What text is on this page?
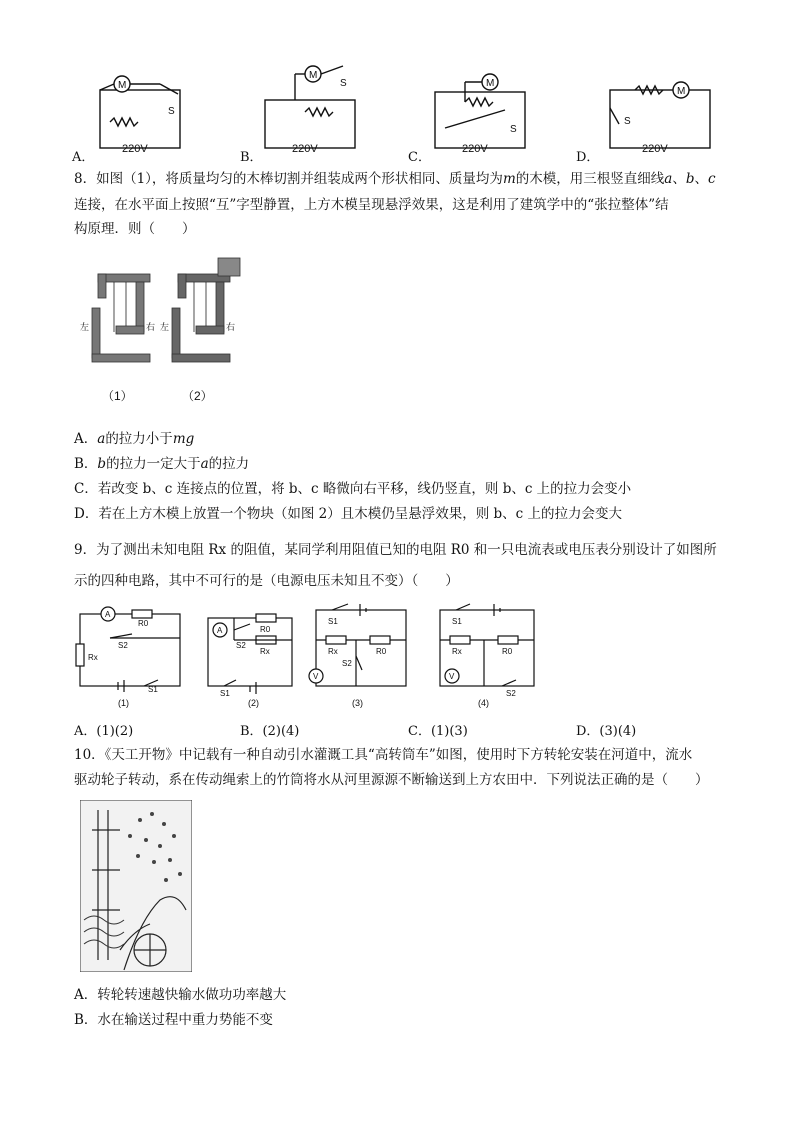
M
S
220V
M
S
220V
M
S
220V
M
S
220V
A．	B．	C．	D．
8．如图（1），将质量均匀的木棒切割并组装成两个形状相同、质量均为m的木模，用三根竖直细线a、b、c
连接，在水平面上按照“互”字型静置，上方木模呈现悬浮效果，这是利用了建筑学中的“张拉整体”结
构原理．则（　　）
左	右 左	右
（1）	（2）
A．a的拉力小于mg
B．b的拉力一定大于a的拉力
C．若改变 b、c 连接点的位置，将 b、c 略微向右平移，线仍竖直，则 b、c 上的拉力会变小
D．若在上方木模上放置一个物块（如图 2）且木模仍呈悬浮效果，则 b、c 上的拉力会变大
9．为了测出未知电阻 Rx 的阻值，某同学利用阻值已知的电阻 R0 和一只电流表或电压表分别设计了如图所
示的四种电路，其中不可行的是（电源电压未知且不变）（　　）
A
R0
Rx
S2
S1
A	R0
Rx
S2
S1
S1
Rx	R0
S2
V
S1
Rx	R0
S2
V
(1)	(2)	(3)	(4)
A．(1)(2)	B．(2)(4)	C．(1)(3)	D．(3)(4)
10．《天工开物》中记载有一种自动引水灌溉工具“高转筒车”如图，使用时下方转轮安装在河道中，流水
驱动轮子转动，系在传动绳索上的竹筒将水从河里源源不断输送到上方农田中．下列说法正确的是（　　）
A．转轮转速越快输水做功功率越大
B．水在输送过程中重力势能不变
